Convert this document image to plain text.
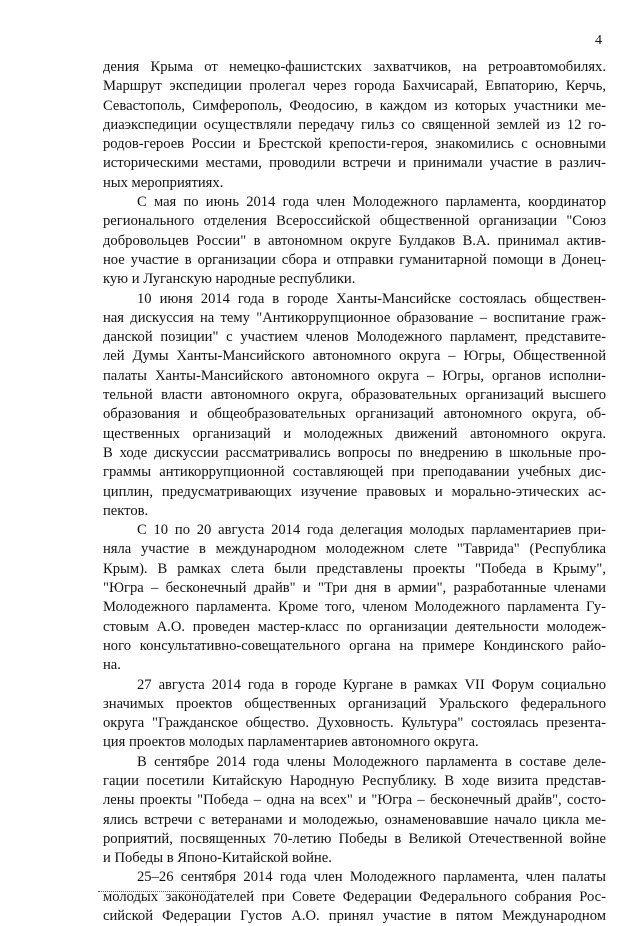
4
дения Крыма от немецко-фашистских захватчиков, на ретроавтомобилях.
Маршрут экспедиции пролегал через города Бахчисарай, Евпаторию, Керчь,
Севастополь, Симферополь, Феодосию, в каждом из которых участники ме-
диаэкспедиции осуществляли передачу гильз со священной землей из 12 го-
родов-героев России и Брестской крепости-героя, знакомились с основными
историческими местами, проводили встречи и принимали участие в различ-
ных мероприятиях.
С мая по июнь 2014 года член Молодежного парламента, координатор
регионального отделения Всероссийской общественной организации "Союз
добровольцев России" в автономном округе Булдаков В.А. принимал актив-
ное участие в организации сбора и отправки гуманитарной помощи в Донец-
кую и Луганскую народные республики.
10 июня 2014 года в городе Ханты-Мансийске состоялась обществен-
ная дискуссия на тему "Антикоррупционное образование – воспитание граж-
данской позиции" с участием членов Молодежного парламент, представите-
лей Думы Ханты-Мансийского автономного округа – Югры, Общественной
палаты Ханты-Мансийского автономного округа – Югры, органов исполни-
тельной власти автономного округа, образовательных организаций высшего
образования и общеобразовательных организаций автономного округа, об-
щественных организаций и молодежных движений автономного округа.
В ходе дискуссии рассматривались вопросы по внедрению в школьные про-
граммы антикоррупционной составляющей при преподавании учебных дис-
циплин, предусматривающих изучение правовых и морально-этических ас-
пектов.
С 10 по 20 августа 2014 года делегация молодых парламентариев при-
няла участие в международном молодежном слете "Таврида" (Республика
Крым). В рамках слета были представлены проекты "Победа в Крыму",
"Югра – бесконечный драйв" и "Три дня в армии", разработанные членами
Молодежного парламента. Кроме того, членом Молодежного парламента Гу-
стовым А.О. проведен мастер-класс по организации деятельности молодеж-
ного консультативно-совещательного органа на примере Кондинского райо-
на.
27 августа 2014 года в городе Кургане в рамках VII Форум социально
значимых проектов общественных организаций Уральского федерального
округа "Гражданское общество. Духовность. Культура" состоялась презента-
ция проектов молодых парламентариев автономного округа.
В сентябре 2014 года члены Молодежного парламента в составе деле-
гации посетили Китайскую Народную Республику. В ходе визита представ-
лены проекты "Победа – одна на всех" и "Югра – бесконечный драйв", состо-
ялись встречи с ветеранами и молодежью, ознаменовавшие начало цикла ме-
роприятий, посвященных 70-летию Победы в Великой Отечественной войне
и Победы в Японо-Китайской войне.
25–26 сентября 2014 года член Молодежного парламента, член палаты
молодых законодателей при Совете Федерации Федерального собрания Рос-
сийской Федерации Густов А.О. принял участие в пятом Международном
